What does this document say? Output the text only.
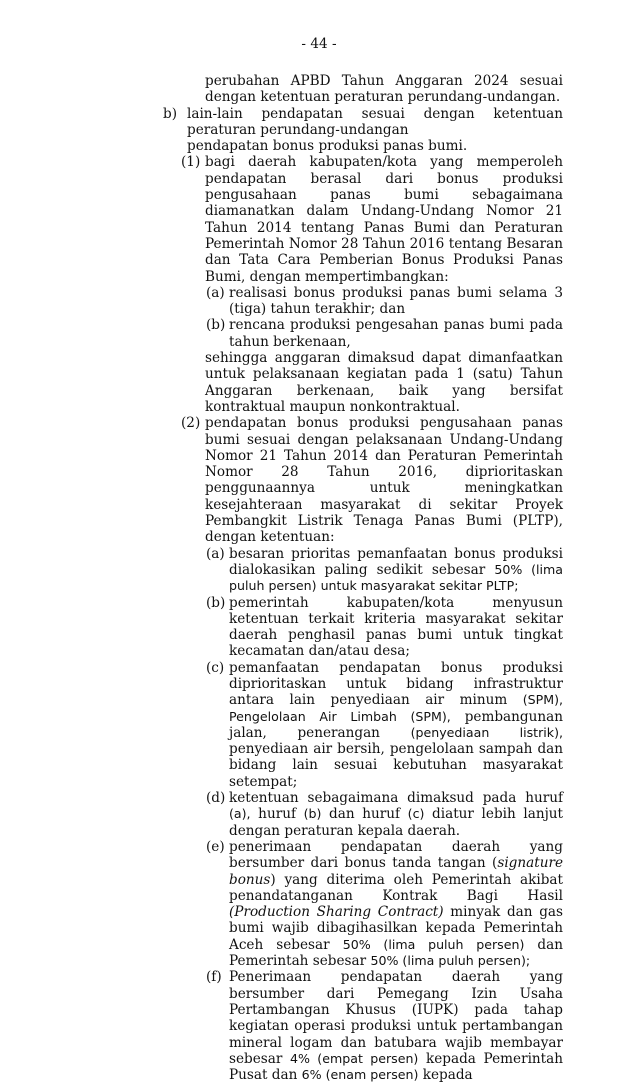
- 44 -
perubahan APBD Tahun Anggaran 2024 sesuai dengan ketentuan peraturan perundang-undangan.
b) lain-lain pendapatan sesuai dengan ketentuan peraturan perundang-undangan
pendapatan bonus produksi panas bumi.
(1) bagi daerah kabupaten/kota yang memperoleh pendapatan berasal dari bonus produksi pengusahaan panas bumi sebagaimana diamanatkan dalam Undang-Undang Nomor 21 Tahun 2014 tentang Panas Bumi dan Peraturan Pemerintah Nomor 28 Tahun 2016 tentang Besaran dan Tata Cara Pemberian Bonus Produksi Panas Bumi, dengan mempertimbangkan:
(a) realisasi bonus produksi panas bumi selama 3 (tiga) tahun terakhir; dan
(b) rencana produksi pengesahan panas bumi pada tahun berkenaan,
sehingga anggaran dimaksud dapat dimanfaatkan untuk pelaksanaan kegiatan pada 1 (satu) Tahun Anggaran berkenaan, baik yang bersifat kontraktual maupun nonkontraktual.
(2) pendapatan bonus produksi pengusahaan panas bumi sesuai dengan pelaksanaan Undang-Undang Nomor 21 Tahun 2014 dan Peraturan Pemerintah Nomor 28 Tahun 2016, diprioritaskan penggunaannya untuk meningkatkan kesejahteraan masyarakat di sekitar Proyek Pembangkit Listrik Tenaga Panas Bumi (PLTP), dengan ketentuan:
(a) besaran prioritas pemanfaatan bonus produksi dialokasikan paling sedikit sebesar 50% (lima puluh persen) untuk masyarakat sekitar PLTP;
(b) pemerintah kabupaten/kota menyusun ketentuan terkait kriteria masyarakat sekitar daerah penghasil panas bumi untuk tingkat kecamatan dan/atau desa;
(c) pemanfaatan pendapatan bonus produksi diprioritaskan untuk bidang infrastruktur antara lain penyediaan air minum (SPM), Pengelolaan Air Limbah (SPM), pembangunan jalan, penerangan (penyediaan listrik), penyediaan air bersih, pengelolaan sampah dan bidang lain sesuai kebutuhan masyarakat setempat;
(d) ketentuan sebagaimana dimaksud pada huruf (a), huruf (b) dan huruf (c) diatur lebih lanjut dengan peraturan kepala daerah.
(e) penerimaan pendapatan daerah yang bersumber dari bonus tanda tangan (signature bonus) yang diterima oleh Pemerintah akibat penandatanganan Kontrak Bagi Hasil (Production Sharing Contract) minyak dan gas bumi wajib dibagihasilkan kepada Pemerintah Aceh sebesar 50% (lima puluh persen) dan Pemerintah sebesar 50% (lima puluh persen);
(f) Penerimaan pendapatan daerah yang bersumber dari Pemegang Izin Usaha Pertambangan Khusus (IUPK) pada tahap kegiatan operasi produksi untuk pertambangan mineral logam dan batubara wajib membayar sebesar 4% (empat persen) kepada Pemerintah Pusat dan 6% (enam persen) kepada
